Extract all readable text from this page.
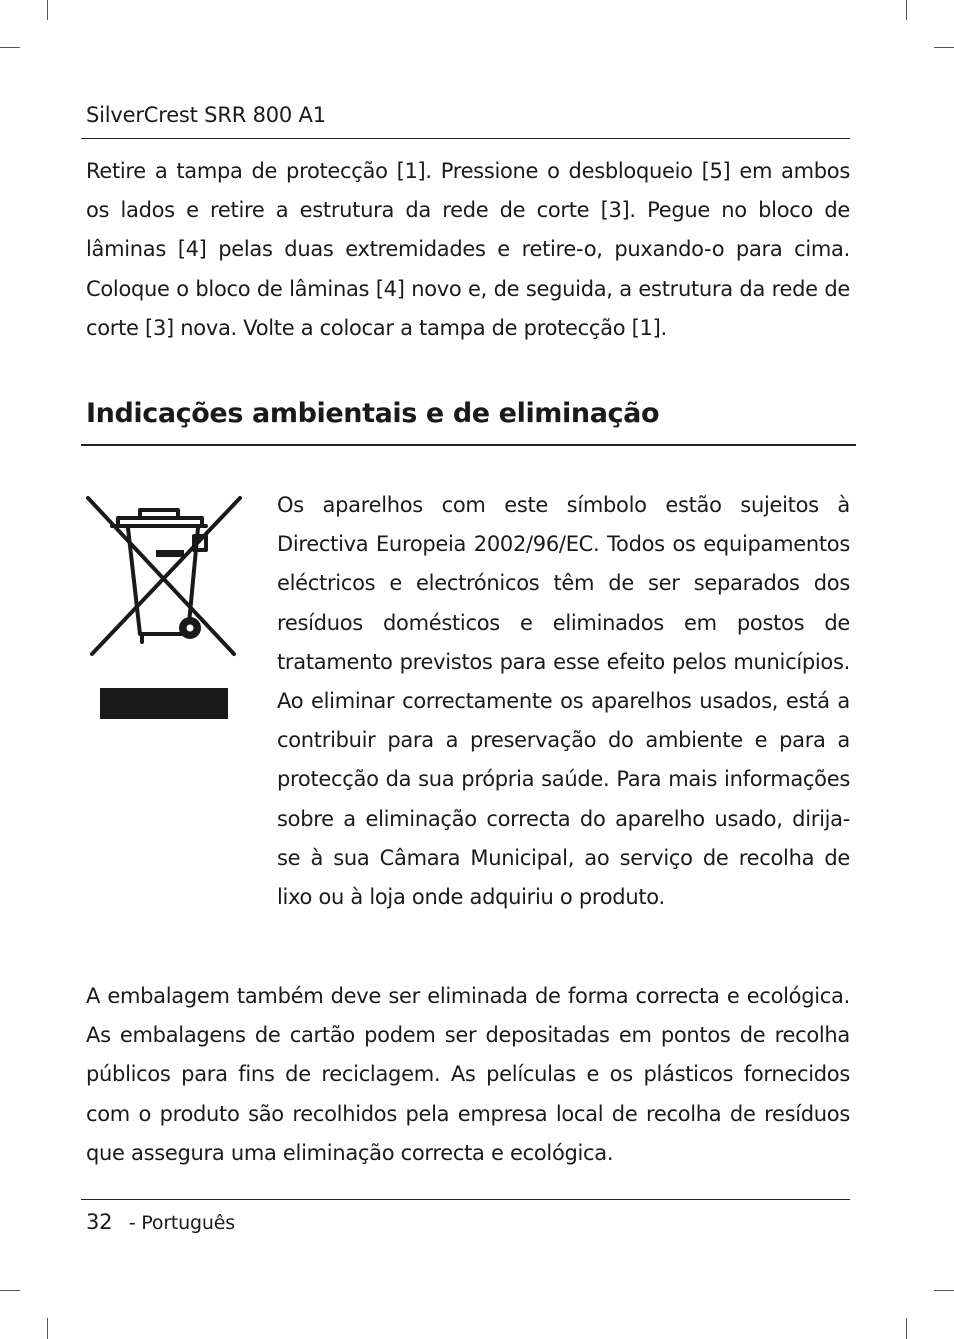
SilverCrest SRR 800 A1

Retire a tampa de protecção [1]. Pressione o desbloqueio [5] em ambos os lados e retire a estrutura da rede de corte [3]. Pegue no bloco de lâminas [4] pelas duas extremidades e retire-o, puxando-o para cima. Coloque o bloco de lâminas [4] novo e, de seguida, a estrutura da rede de corte [3] nova. Volte a colocar a tampa de protecção [1].

Indicações ambientais e de eliminação

Os aparelhos com este símbolo estão sujeitos à Directiva Europeia 2002/96/EC. Todos os equipamentos eléctricos e electrónicos têm de ser separados dos resíduos domésticos e eliminados em postos de tratamento previstos para esse efeito pelos municípios. Ao eliminar correctamente os aparelhos usados, está a contribuir para a preservação do ambiente e para a protecção da sua própria saúde. Para mais informações sobre a eliminação correcta do aparelho usado, dirija-se à sua Câmara Municipal, ao serviço de recolha de lixo ou à loja onde adquiriu o produto.

A embalagem também deve ser eliminada de forma correcta e ecológica. As embalagens de cartão podem ser depositadas em pontos de recolha públicos para fins de reciclagem. As películas e os plásticos fornecidos com o produto são recolhidos pela empresa local de recolha de resíduos que assegura uma eliminação correcta e ecológica.

32 - Português
